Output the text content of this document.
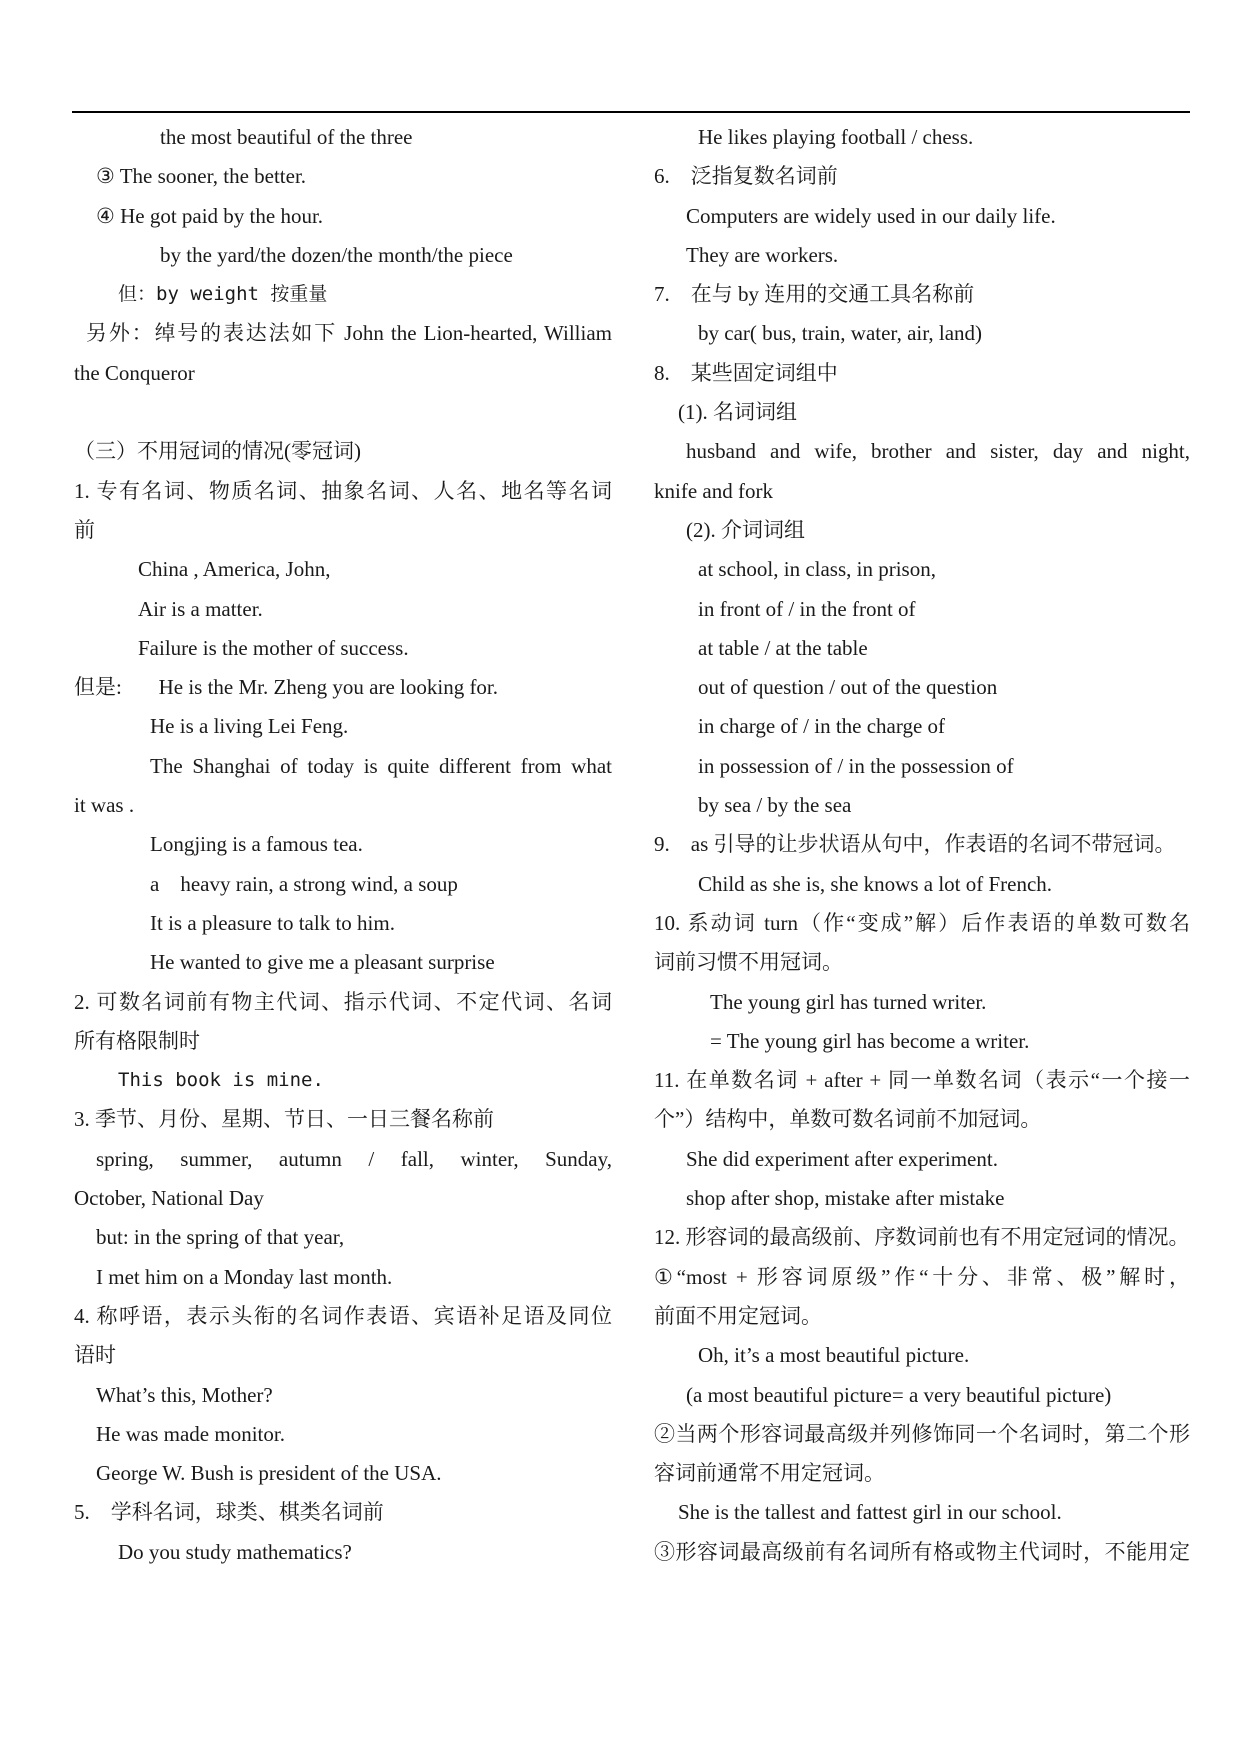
the most beautiful of the three
③ The sooner, the better.
④ He got paid by the hour.
by the yard/the dozen/the month/the piece
但：by weight 按重量
另外：绰号的表达法如下 John the Lion-hearted, William
the Conqueror
（三）不用冠词的情况(零冠词)
1. 专有名词、物质名词、抽象名词、人名、地名等名词
前
China , America, John,
Air is a matter.
Failure is the mother of success.
但是:       He is the Mr. Zheng you are looking for.
He is a living Lei Feng.
The Shanghai of today is quite different from what
it was .
Longjing is a famous tea.
a    heavy rain, a strong wind, a soup
It is a pleasure to talk to him.
He wanted to give me a pleasant surprise
2. 可数名词前有物主代词、指示代词、不定代词、名词
所有格限制时
This book is mine.
3. 季节、月份、星期、节日、一日三餐名称前
spring, summer, autumn / fall, winter, Sunday,
October, National Day
but: in the spring of that year,
I met him on a Monday last month.
4. 称呼语，表示头衔的名词作表语、宾语补足语及同位
语时
What’s this, Mother?
He was made monitor.
George W. Bush is president of the USA.
5.    学科名词，球类、棋类名词前
Do you study mathematics?
He likes playing football / chess.
6.    泛指复数名词前
Computers are widely used in our daily life.
They are workers.
7.    在与 by 连用的交通工具名称前
by car( bus, train, water, air, land)
8.    某些固定词组中
(1). 名词词组
husband and wife, brother and sister, day and night,
knife and fork
(2). 介词词组
at school, in class, in prison,
in front of / in the front of
at table / at the table
out of question / out of the question
in charge of / in the charge of
in possession of / in the possession of
by sea / by the sea
9.    as 引导的让步状语从句中，作表语的名词不带冠词。
Child as she is, she knows a lot of French.
10. 系动词 turn（作“变成”解）后作表语的单数可数名
词前习惯不用冠词。
The young girl has turned writer.
= The young girl has become a writer.
11. 在单数名词 + after + 同一单数名词（表示“一个接一
个”）结构中，单数可数名词前不加冠词。
She did experiment after experiment.
shop after shop, mistake after mistake
12. 形容词的最高级前、序数词前也有不用定冠词的情况。
①“most + 形容词原级”作“十分、非常、极”解时，
前面不用定冠词。
Oh, it’s a most beautiful picture.
(a most beautiful picture= a very beautiful picture)
②当两个形容词最高级并列修饰同一个名词时，第二个形
容词前通常不用定冠词。
She is the tallest and fattest girl in our school.
③形容词最高级前有名词所有格或物主代词时，不能用定
